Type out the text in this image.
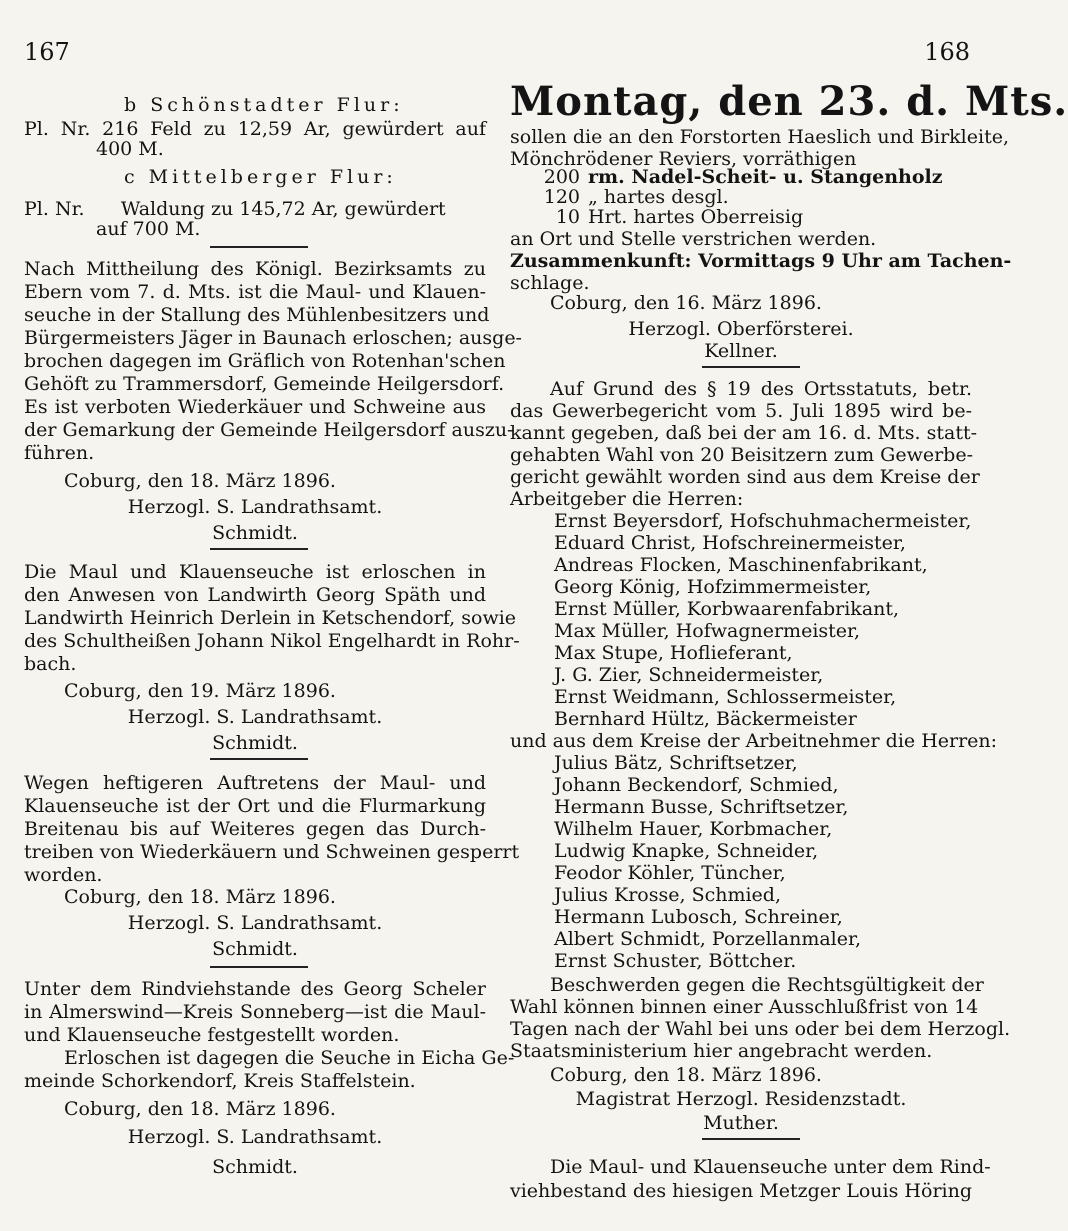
167	168
b Schönstadter Flur:
Pl. Nr. 216 Feld zu 12,59 Ar, gewürdert auf
400 M.
c Mittelberger Flur:
Pl. Nr.      Waldung zu 145,72 Ar, gewürdert
auf 700 M.
Nach Mittheilung des Königl. Bezirksamts zu
Ebern vom 7. d. Mts. ist die Maul- und Klauen-
seuche in der Stallung des Mühlenbesitzers und
Bürgermeisters Jäger in Baunach erloschen; ausge-
brochen dagegen im Gräflich von Rotenhan'schen
Gehöft zu Trammersdorf, Gemeinde Heilgersdorf.
Es ist verboten Wiederkäuer und Schweine aus
der Gemarkung der Gemeinde Heilgersdorf auszu-
führen.
Coburg, den 18. März 1896.
Herzogl. S. Landrathsamt.
Schmidt.
Die Maul und Klauenseuche ist erloschen in
den Anwesen von Landwirth Georg Späth und
Landwirth Heinrich Derlein in Ketschendorf, sowie
des Schultheißen Johann Nikol Engelhardt in Rohr-
bach.
Coburg, den 19. März 1896.
Herzogl. S. Landrathsamt.
Schmidt.
Wegen heftigeren Auftretens der Maul- und
Klauenseuche ist der Ort und die Flurmarkung
Breitenau bis auf Weiteres gegen das Durch-
treiben von Wiederkäuern und Schweinen gesperrt
worden.
Coburg, den 18. März 1896.
Herzogl. S. Landrathsamt.
Schmidt.
Unter dem Rindviehstande des Georg Scheler
in Almerswind—Kreis Sonneberg—ist die Maul-
und Klauenseuche festgestellt worden.
Erloschen ist dagegen die Seuche in Eicha Ge-
meinde Schorkendorf, Kreis Staffelstein.
Coburg, den 18. März 1896.
Herzogl. S. Landrathsamt.
Schmidt.
Montag, den 23. d. Mts.
sollen die an den Forstorten Haeslich und Birkleite,
Mönchrödener Reviers, vorräthigen
200 rm. Nadel-Scheit- u. Stangenholz
120 „ hartes desgl.
10 Hrt. hartes Oberreisig
an Ort und Stelle verstrichen werden.
Zusammenkunft: Vormittags 9 Uhr am Tachen-
schlage.
Coburg, den 16. März 1896.
Herzogl. Oberförsterei.
Kellner.
Auf Grund des § 19 des Ortsstatuts, betr.
das Gewerbegericht vom 5. Juli 1895 wird be-
kannt gegeben, daß bei der am 16. d. Mts. statt-
gehabten Wahl von 20 Beisitzern zum Gewerbe-
gericht gewählt worden sind aus dem Kreise der
Arbeitgeber die Herren:
Ernst Beyersdorf, Hofschuhmachermeister,
Eduard Christ, Hofschreinermeister,
Andreas Flocken, Maschinenfabrikant,
Georg König, Hofzimmermeister,
Ernst Müller, Korbwaarenfabrikant,
Max Müller, Hofwagnermeister,
Max Stupe, Hoflieferant,
J. G. Zier, Schneidermeister,
Ernst Weidmann, Schlossermeister,
Bernhard Hültz, Bäckermeister
und aus dem Kreise der Arbeitnehmer die Herren:
Julius Bätz, Schriftsetzer,
Johann Beckendorf, Schmied,
Hermann Busse, Schriftsetzer,
Wilhelm Hauer, Korbmacher,
Ludwig Knapke, Schneider,
Feodor Köhler, Tüncher,
Julius Krosse, Schmied,
Hermann Lubosch, Schreiner,
Albert Schmidt, Porzellanmaler,
Ernst Schuster, Böttcher.
Beschwerden gegen die Rechtsgültigkeit der
Wahl können binnen einer Ausschlußfrist von 14
Tagen nach der Wahl bei uns oder bei dem Herzogl.
Staatsministerium hier angebracht werden.
Coburg, den 18. März 1896.
Magistrat Herzogl. Residenzstadt.
Muther.
Die Maul- und Klauenseuche unter dem Rind-
viehbestand des hiesigen Metzger Louis Höring
